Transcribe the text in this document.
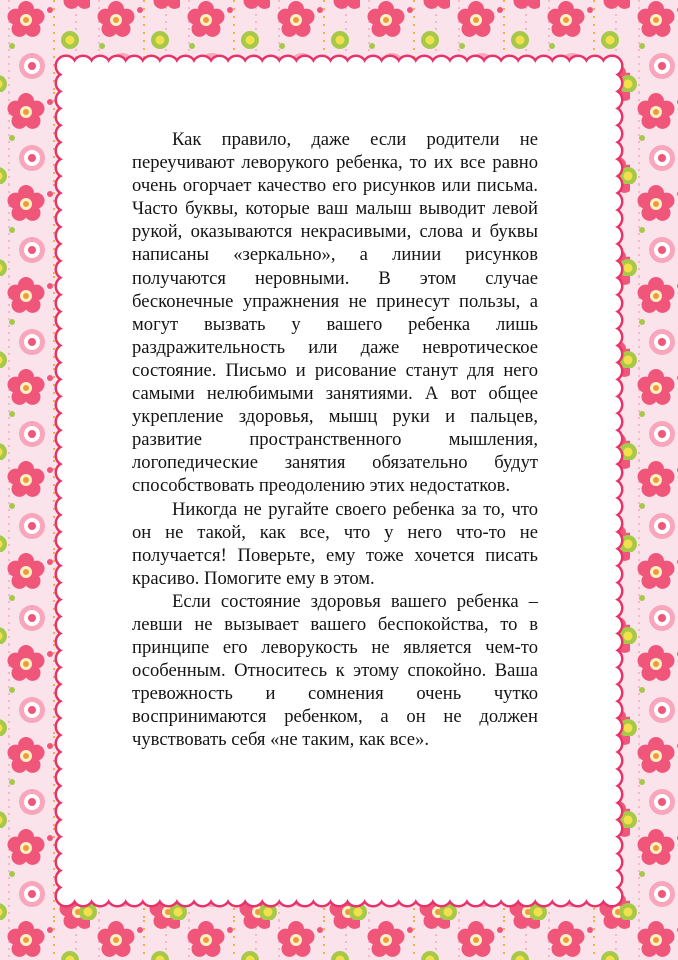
Как правило, даже если родители не переучивают леворукого ребенка, то их все равно очень огорчает качество его рисунков или письма. Часто буквы, которые ваш малыш выводит левой рукой, оказываются некрасивыми, слова и буквы написаны «зеркально», а линии рисунков получаются неровными. В этом случае бесконечные упражнения не принесут пользы, а могут вызвать у вашего ребенка лишь раздражительность или даже невротическое состояние. Письмо и рисование станут для него самыми нелюбимыми занятиями. А вот общее укрепление здоровья, мышц руки и пальцев, развитие пространственного мышления, логопедические занятия обязательно будут способствовать преодолению этих недостатков.

Никогда не ругайте своего ребенка за то, что он не такой, как все, что у него что-то не получается! Поверьте, ему тоже хочется писать красиво. Помогите ему в этом.

Если состояние здоровья вашего ребенка – левши не вызывает вашего беспокойства, то в принципе его леворукость не является чем-то особенным. Относитесь к этому спокойно. Ваша тревожность и сомнения очень чутко воспринимаются ребенком, а он не должен чувствовать себя «не таким, как все».
